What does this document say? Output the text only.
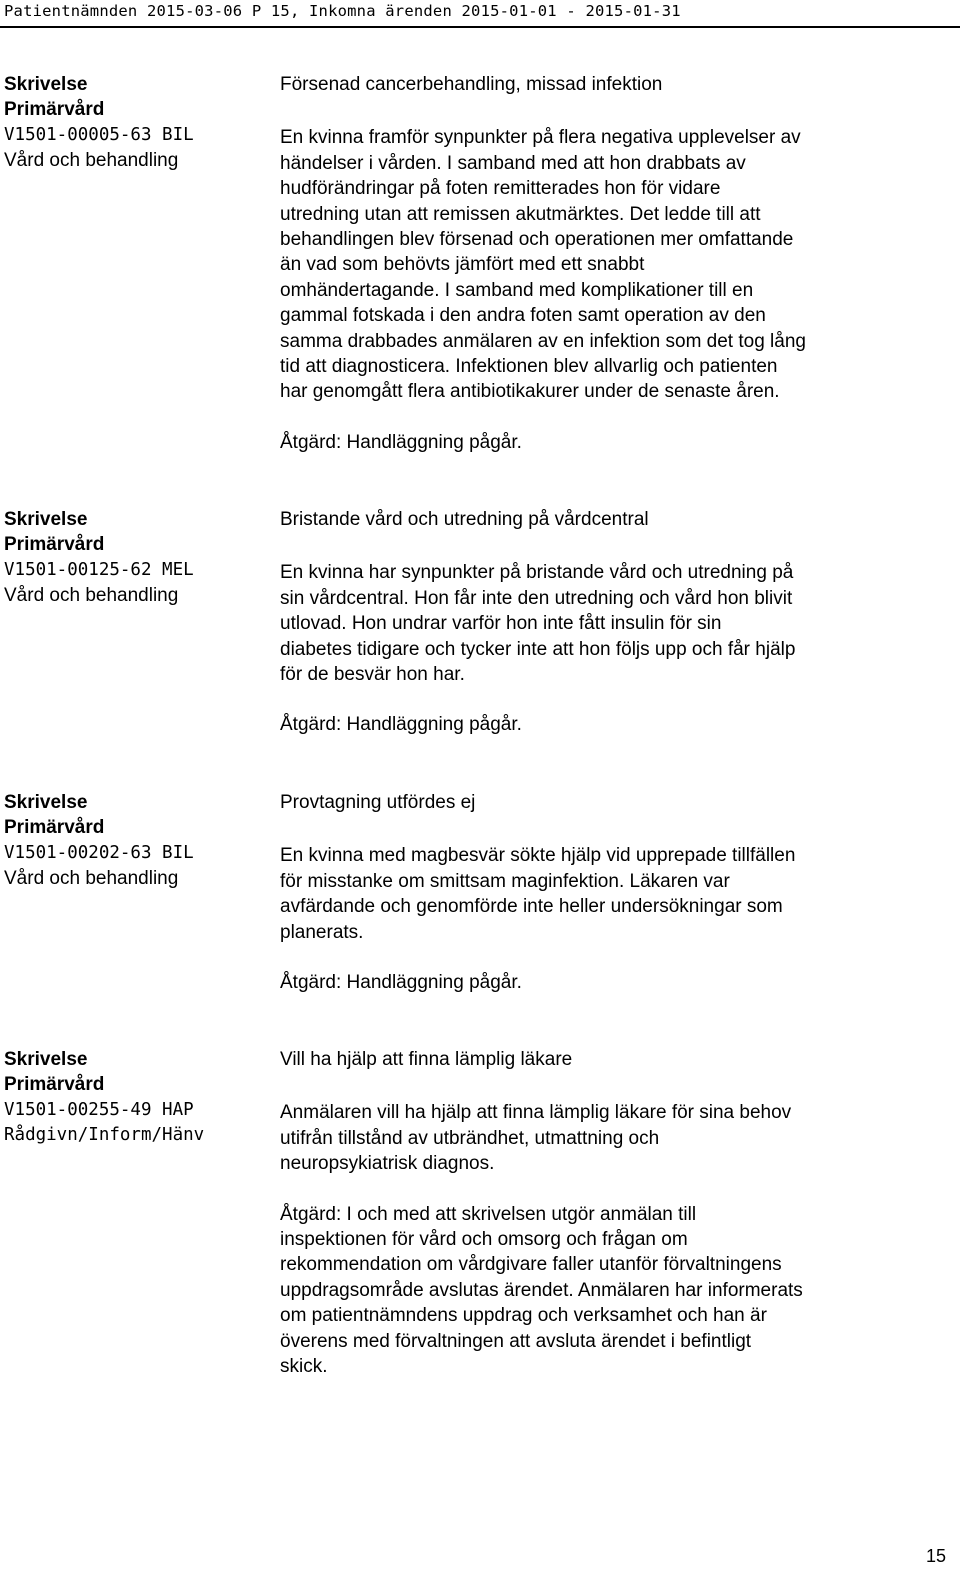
Patientnämnden 2015-03-06 P 15, Inkomna ärenden 2015-01-01 - 2015-01-31
Skrivelse
Primärvård
V1501-00005-63 BIL
Vård och behandling
Försenad cancerbehandling, missad infektion
En kvinna framför synpunkter på flera negativa upplevelser av
händelser i vården. I samband med att hon drabbats av
hudförändringar på foten remitterades hon för vidare
utredning utan att remissen akutmärktes. Det ledde till att
behandlingen blev försenad och operationen mer omfattande
än vad som behövts jämfört med ett snabbt
omhändertagande. I samband med komplikationer till en
gammal fotskada i den andra foten samt operation av den
samma drabbades anmälaren av en infektion som det tog lång
tid att diagnosticera. Infektionen blev allvarlig och patienten
har genomgått flera antibiotikakurer under de senaste åren.
Åtgärd: Handläggning pågår.
Skrivelse
Primärvård
V1501-00125-62 MEL
Vård och behandling
Bristande vård och utredning på vårdcentral
En kvinna har synpunkter på bristande vård och utredning på
sin vårdcentral. Hon får inte den utredning och vård hon blivit
utlovad. Hon undrar varför hon inte fått insulin för sin
diabetes tidigare och tycker inte att hon följs upp och får hjälp
för de besvär hon har.
Åtgärd: Handläggning pågår.
Skrivelse
Primärvård
V1501-00202-63 BIL
Vård och behandling
Provtagning utfördes ej
En kvinna med magbesvär sökte hjälp vid upprepade tillfällen
för misstanke om smittsam maginfektion. Läkaren var
avfärdande och genomförde inte heller undersökningar som
planerats.
Åtgärd: Handläggning pågår.
Skrivelse
Primärvård
V1501-00255-49 HAP
Rådgivn/Inform/Hänv
Vill ha hjälp att finna lämplig läkare
Anmälaren vill ha hjälp att finna lämplig läkare för sina behov
utifrån tillstånd av utbrändhet, utmattning och
neuropsykiatrisk diagnos.
Åtgärd: I och med att skrivelsen utgör anmälan till
inspektionen för vård och omsorg och frågan om
rekommendation om vårdgivare faller utanför förvaltningens
uppdragsområde avslutas ärendet. Anmälaren har informerats
om patientnämndens uppdrag och verksamhet och han är
överens med förvaltningen att avsluta ärendet i befintligt
skick.
15
